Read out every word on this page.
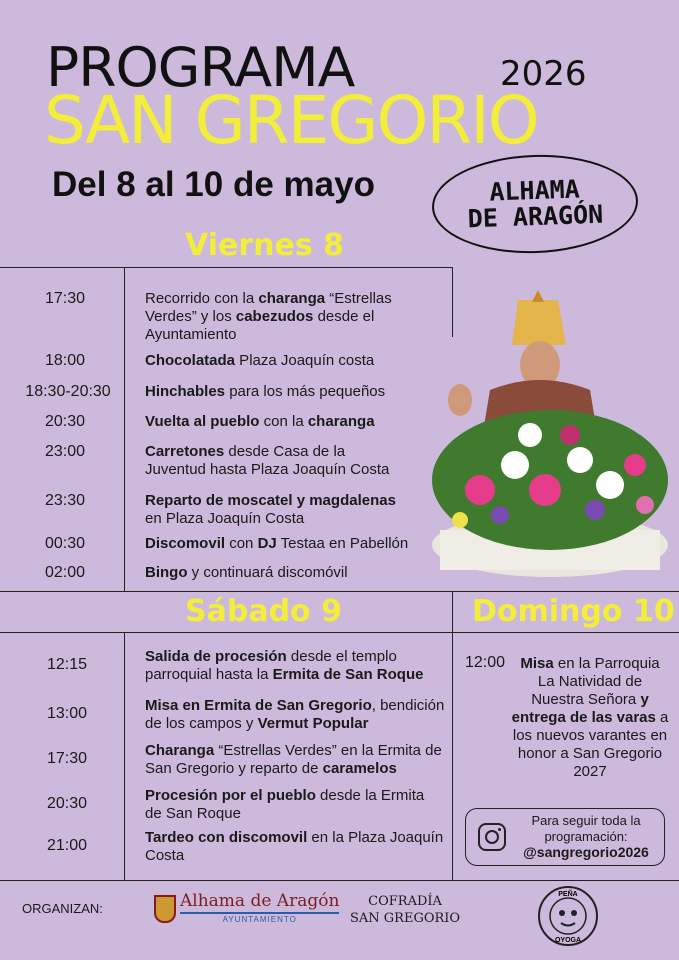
PROGRAMA	2026
SAN GREGORIO
Del 8 al 10 de mayo	ALHAMA
DE ARAGÓN
Viernes 8
17:30	Recorrido con la charanga “Estrellas Verdes” y los cabezudos desde el Ayuntamiento
18:00	Chocolatada Plaza Joaquín costa
18:30-20:30	Hinchables para los más pequeños
20:30	Vuelta al pueblo con la charanga
23:00	Carretones desde Casa de la Juventud hasta Plaza Joaquín Costa
23:30	Reparto de moscatel y magdalenas en Plaza Joaquín Costa
00:30	Discomovil con DJ Testaa en Pabellón
02:00	Bingo y continuará discomóvil
Sábado 9	Domingo 10
12:15	Salida de procesión desde el templo parroquial hasta la Ermita de San Roque
13:00	Misa en Ermita de San Gregorio, bendición de los campos y Vermut Popular
17:30	Charanga “Estrellas Verdes” en la Ermita de San Gregorio y reparto de caramelos
20:30	Procesión por el pueblo desde la Ermita de San Roque
21:00	Tardeo con discomovil en la Plaza Joaquín Costa
12:00	Misa en la Parroquia La Natividad de Nuestra Señora y entrega de las varas a los nuevos varantes en honor a San Gregorio 2027
Para seguir toda la programación:
@sangregorio2026
ORGANIZAN:	Alhama de Aragón
AYUNTAMIENTO
COFRADÍA
SAN GREGORIO
PEÑA
OYOGA
